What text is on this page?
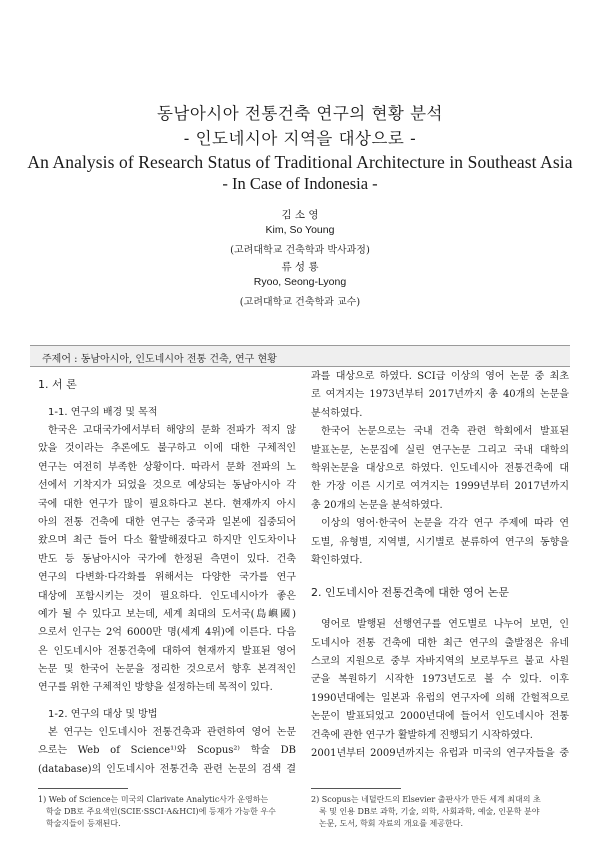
동남아시아 전통건축 연구의 현황 분석
- 인도네시아 지역을 대상으로 -
An Analysis of Research Status of Traditional Architecture in Southeast Asia
- In Case of Indonesia -
김 소 영
Kim, So Young
(고려대학교 건축학과 박사과정)
류 성 룡
Ryoo, Seong-Lyong
(고려대학교 건축학과 교수)
주제어 : 동남아시아, 인도네시아 전통 건축, 연구 현황
1. 서 론
1-1. 연구의 배경 및 목적
한국은 고대국가에서부터 해양의 문화 전파가 적지 않
았을 것이라는 추론에도 불구하고 이에 대한 구체적인
연구는 여전히 부족한 상황이다. 따라서 문화 전파의 노
선에서 기착지가 되었을 것으로 예상되는 동남아시아 각
국에 대한 연구가 많이 필요하다고 본다. 현재까지 아시
아의 전통 건축에 대한 연구는 중국과 일본에 집중되어
왔으며 최근 들어 다소 활발해졌다고 하지만 인도차이나
반도 등 동남아시아 국가에 한정된 측면이 있다. 건축
연구의 다변화·다각화를 위해서는 다양한 국가를 연구
대상에 포함시키는 것이 필요하다. 인도네시아가 좋은
예가 될 수 있다고 보는데, 세계 최대의 도서국(島嶼國)
으로서 인구는 2억 6000만 명(세계 4위)에 이른다. 다음
은 인도네시아 전통건축에 대하여 현재까지 발표된 영어
논문 및 한국어 논문을 정리한 것으로서 향후 본격적인
연구를 위한 구체적인 방향을 설정하는데 목적이 있다.
1-2. 연구의 대상 및 방법
본 연구는 인도네시아 전통건축과 관련하여 영어 논문
으로는 Web of Science¹⁾와 Scopus²⁾ 학술 DB
(database)의 인도네시아 전통건축 관련 논문의 검색 결
과를 대상으로 하였다. SCI급 이상의 영어 논문 중 최초
로 여겨지는 1973년부터 2017년까지 총 40개의 논문을
분석하였다.
한국어 논문으로는 국내 건축 관련 학회에서 발표된
발표논문, 논문집에 실린 연구논문 그리고 국내 대학의
학위논문을 대상으로 하였다. 인도네시아 전통건축에 대
한 가장 이른 시기로 여겨지는 1999년부터 2017년까지
총 20개의 논문을 분석하였다.
이상의 영어·한국어 논문을 각각 연구 주제에 따라 연
도별, 유형별, 지역별, 시기별로 분류하여 연구의 동향을
확인하였다.
2. 인도네시아 전통건축에 대한 영어 논문
영어로 발행된 선행연구를 연도별로 나누어 보면, 인
도네시아 전통 건축에 대한 최근 연구의 출발점은 유네
스코의 지원으로 중부 자바지역의 보로부두르 불교 사원
군을 복원하기 시작한 1973년도로 볼 수 있다. 이후
1990년대에는 일본과 유럽의 연구자에 의해 간헐적으로
논문이 발표되었고 2000년대에 들어서 인도네시아 전통
건축에 관한 연구가 활발하게 진행되기 시작하였다.
2001년부터 2009년까지는 유럽과 미국의 연구자들을 중
1) Web of Science는 미국의 Clarivate Analytic사가 운영하는
학술 DB로 주요색인(SCIE·SSCI·A&HCI)에 등재가 가능한 우수
학술지들이 등재된다.
2) Scopus는 네덜란드의 Elsevier 출판사가 만든 세계 최대의 초
록 및 인용 DB로 과학, 기술, 의학, 사회과학, 예술, 인문학 분야
논문, 도서, 학회 자료의 개요를 제공한다.
